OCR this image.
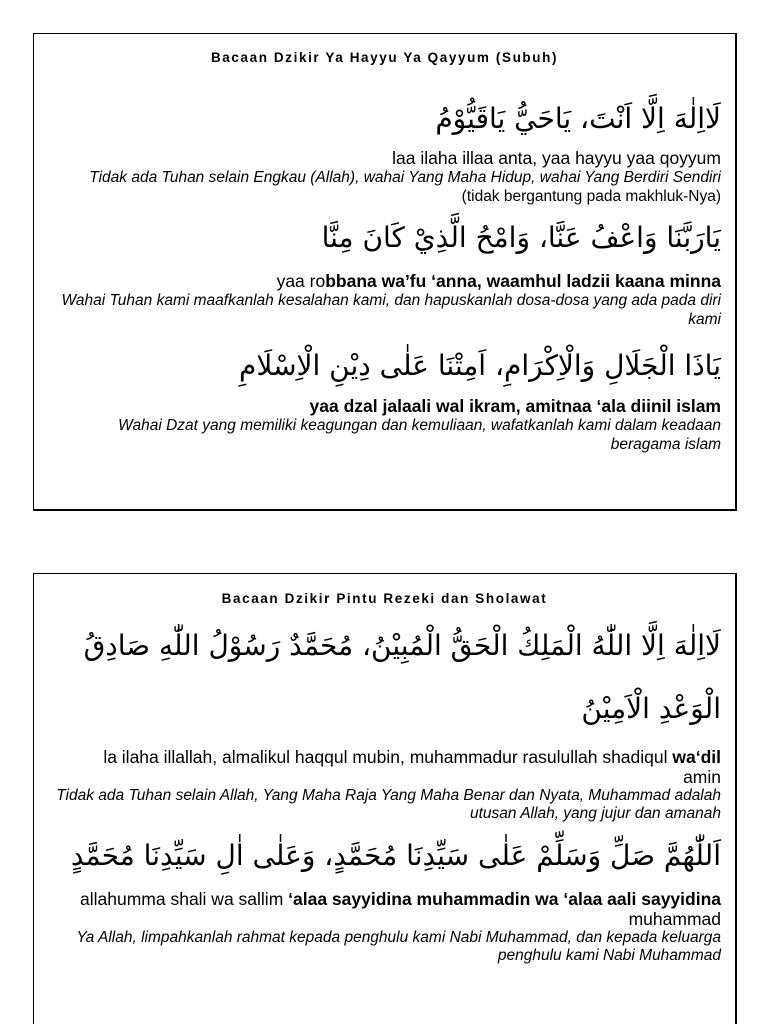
Bacaan Dzikir Ya Hayyu Ya Qayyum (Subuh)
لَااِلٰهَ اِلَّا اَنْتَ، يَاحَيُّ يَاقَيُّوْمُ
laa ilaha illaa anta, yaa hayyu yaa qoyyum
Tidak ada Tuhan selain Engkau (Allah), wahai Yang Maha Hidup, wahai Yang Berdiri Sendiri
(tidak bergantung pada makhluk-Nya)
يَارَبَّنَا وَاعْفُ عَنَّا، وَامْحُ الَّذِيْ كَانَ مِنَّا
yaa robbana wa’fu ‘anna, waamhul ladzii kaana minna
Wahai Tuhan kami maafkanlah kesalahan kami, dan hapuskanlah dosa-dosa yang ada pada diri
kami
يَاذَا الْجَلَالِ وَالْاِكْرَامِ، اَمِتْنَا عَلٰى دِيْنِ الْاِسْلَامِ
yaa dzal jalaali wal ikram, amitnaa ‘ala diinil islam
Wahai Dzat yang memiliki keagungan dan kemuliaan, wafatkanlah kami dalam keadaan
beragama islam
Bacaan Dzikir Pintu Rezeki dan Sholawat
لَااِلٰهَ اِلَّا اللّٰهُ الْمَلِكُ الْحَقُّ الْمُبِيْنُ، مُحَمَّدٌ رَسُوْلُ اللّٰهِ صَادِقُ
الْوَعْدِ الْاَمِيْنُ
la ilaha illallah, almalikul haqqul mubin, muhammadur rasulullah shadiqul wa‘dil
amin
Tidak ada Tuhan selain Allah, Yang Maha Raja Yang Maha Benar dan Nyata, Muhammad adalah
utusan Allah, yang jujur dan amanah
اَللّٰهُمَّ صَلِّ وَسَلِّمْ عَلٰى سَيِّدِنَا مُحَمَّدٍ، وَعَلٰى اٰلِ سَيِّدِنَا مُحَمَّدٍ
allahumma shali wa sallim ‘alaa sayyidina muhammadin wa ‘alaa aali sayyidina
muhammad
Ya Allah, limpahkanlah rahmat kepada penghulu kami Nabi Muhammad, dan kepada keluarga
penghulu kami Nabi Muhammad
